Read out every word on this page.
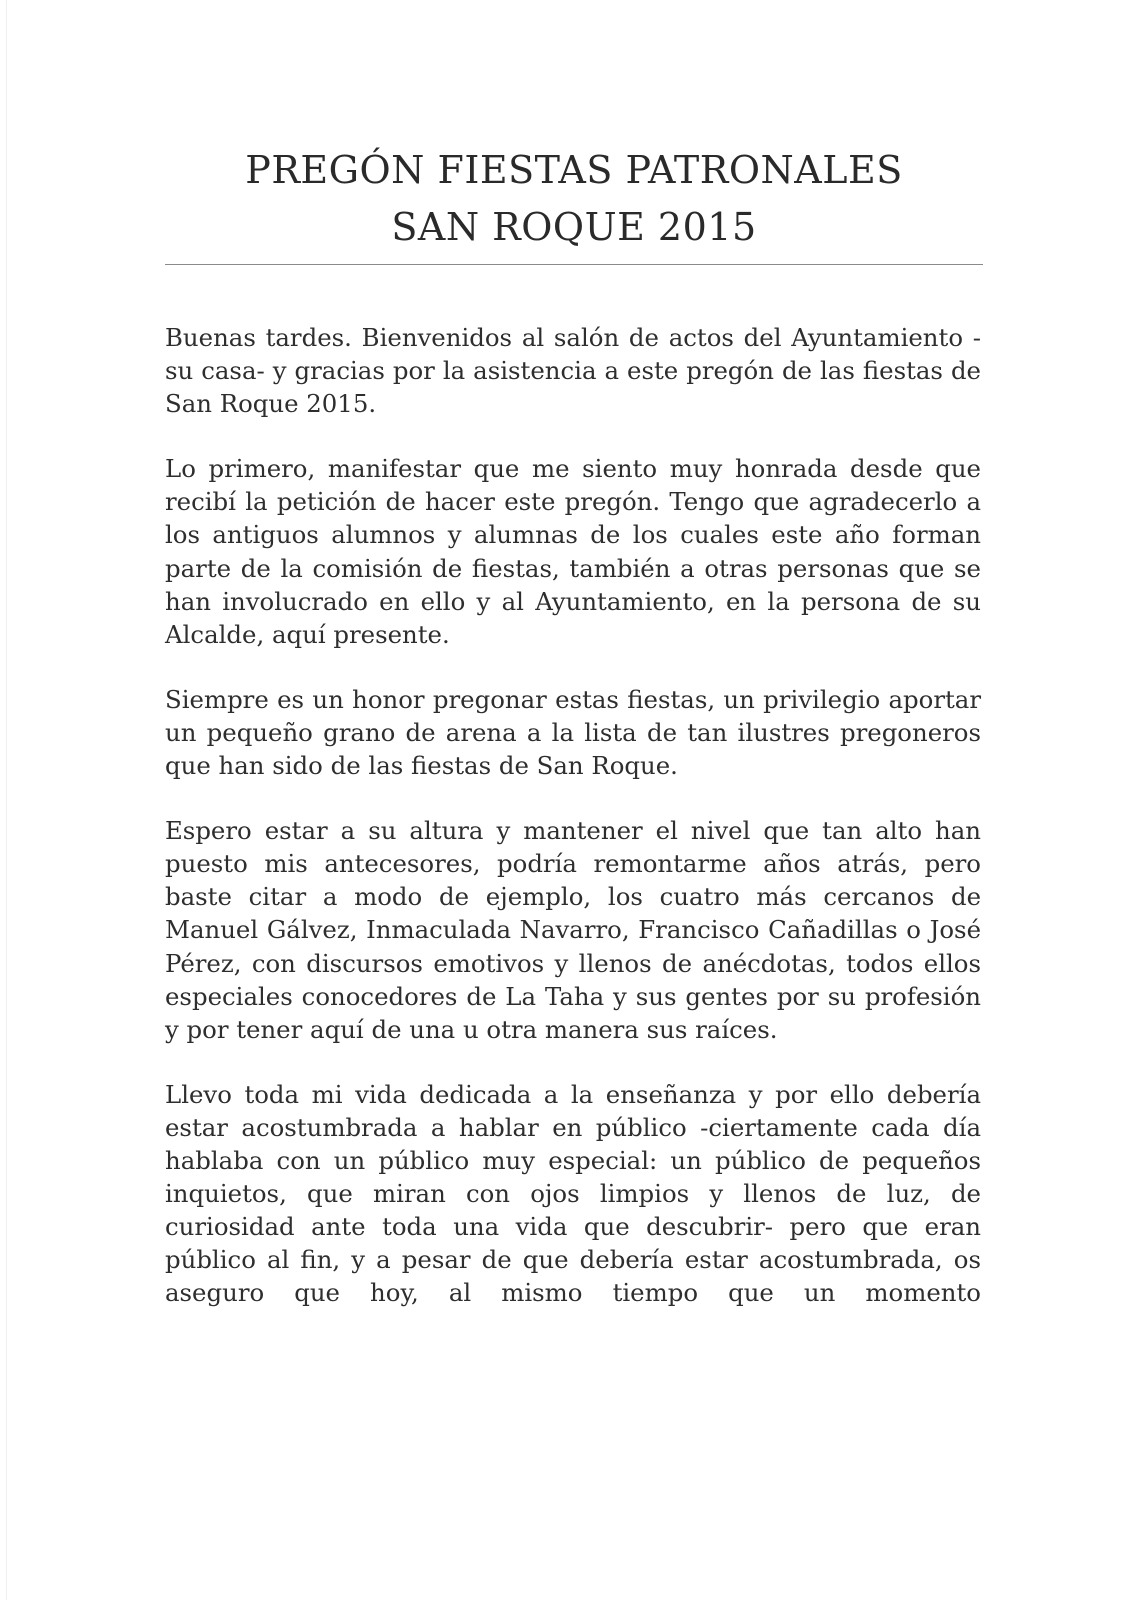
PREGÓN FIESTAS PATRONALES
SAN ROQUE 2015

Buenas tardes. Bienvenidos al salón de actos del Ayuntamiento -su casa- y gracias por la asistencia a este pregón de las fiestas de San Roque 2015.

Lo primero, manifestar que me siento muy honrada desde que recibí la petición de hacer este pregón. Tengo que agradecerlo a los antiguos alumnos y alumnas de los cuales este año forman parte de la comisión de fiestas, también a otras personas que se han involucrado en ello y al Ayuntamiento, en la persona de su Alcalde, aquí presente.

Siempre es un honor pregonar estas fiestas, un privilegio aportar un pequeño grano de arena a la lista de tan ilustres pregoneros que han sido de las fiestas de San Roque.

Espero estar a su altura y mantener el nivel que tan alto han puesto mis antecesores, podría remontarme años atrás, pero baste citar a modo de ejemplo, los cuatro más cercanos de Manuel Gálvez, Inmaculada Navarro, Francisco Cañadillas o José Pérez, con discursos emotivos y llenos de anécdotas, todos ellos especiales conocedores de La Taha y sus gentes por su profesión y por tener aquí de una u otra manera sus raíces.

Llevo toda mi vida dedicada a la enseñanza y por ello debería estar acostumbrada a hablar en público -ciertamente cada día hablaba con un público muy especial: un público de pequeños inquietos, que miran con ojos limpios y llenos de luz, de curiosidad ante toda una vida que descubrir- pero que eran público al fin, y a pesar de que debería estar acostumbrada, os aseguro que hoy, al mismo tiempo que un momento
